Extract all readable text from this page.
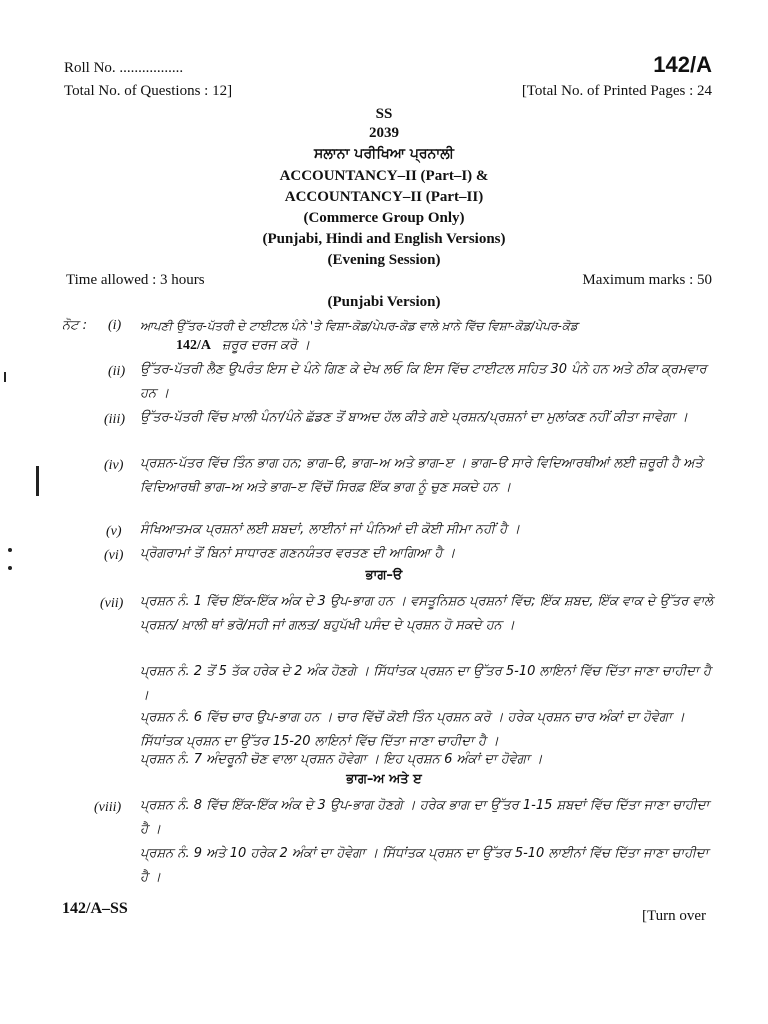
Roll No. .................	142/A
Total No. of Questions : 12]	[Total No. of Printed Pages : 24
SS
2039
ਸਲਾਨਾ ਪਰੀਖਿਆ ਪ੍ਰਨਾਲੀ
ACCOUNTANCY–II (Part–I) &
ACCOUNTANCY–II (Part–II)
(Commerce Group Only)
(Punjabi, Hindi and English Versions)
(Evening Session)
Time allowed : 3 hours	Maximum marks : 50
(Punjabi Version)
ਨੋਟ : (i) ਆਪਣੀ ਉੱਤਰ-ਪੱਤਰੀ ਦੇ ਟਾਈਟਲ ਪੰਨੇ 'ਤੇ ਵਿਸ਼ਾ-ਕੋਡ/ਪੇਪਰ-ਕੋਡ ਵਾਲੇ ਖ਼ਾਨੇ ਵਿੱਚ ਵਿਸ਼ਾ-ਕੋਡ/ਪੇਪਰ-ਕੋਡ
142/A ਜ਼ਰੂਰ ਦਰਜ ਕਰੋ ।
(ii) ਉੱਤਰ-ਪੱਤਰੀ ਲੈਣ ਉਪਰੰਤ ਇਸ ਦੇ ਪੰਨੇ ਗਿਣ ਕੇ ਦੇਖ ਲਓ ਕਿ ਇਸ ਵਿੱਚ ਟਾਈਟਲ ਸਹਿਤ 30 ਪੰਨੇ ਹਨ ਅਤੇ ਠੀਕ ਕ੍ਰਮਵਾਰ ਹਨ ।
(iii) ਉੱਤਰ-ਪੱਤਰੀ ਵਿੱਚ ਖ਼ਾਲੀ ਪੰਨਾ/ਪੰਨੇ ਛੱਡਣ ਤੋਂ ਬਾਅਦ ਹੱਲ ਕੀਤੇ ਗਏ ਪ੍ਰਸ਼ਨ/ਪ੍ਰਸ਼ਨਾਂ ਦਾ ਮੁਲਾਂਕਣ ਨਹੀਂ ਕੀਤਾ ਜਾਵੇਗਾ ।
(iv) ਪ੍ਰਸ਼ਨ-ਪੱਤਰ ਵਿੱਚ ਤਿੰਨ ਭਾਗ ਹਨ; ਭਾਗ–ੳ, ਭਾਗ–ਅ ਅਤੇ ਭਾਗ–ੲ । ਭਾਗ–ੳ ਸਾਰੇ ਵਿਦਿਆਰਥੀਆਂ ਲਈ ਜ਼ਰੂਰੀ ਹੈ ਅਤੇ ਵਿਦਿਆਰਥੀ ਭਾਗ–ਅ ਅਤੇ ਭਾਗ–ੲ ਵਿੱਚੋਂ ਸਿਰਫ਼ ਇੱਕ ਭਾਗ ਨੂੰ ਚੁਣ ਸਕਦੇ ਹਨ ।
(v) ਸੰਖਿਆਤਮਕ ਪ੍ਰਸ਼ਨਾਂ ਲਈ ਸ਼ਬਦਾਂ, ਲਾਈਨਾਂ ਜਾਂ ਪੰਨਿਆਂ ਦੀ ਕੋਈ ਸੀਮਾ ਨਹੀਂ ਹੈ ।
(vi) ਪ੍ਰੋਗਰਾਮਾਂ ਤੋਂ ਬਿਨਾਂ ਸਾਧਾਰਣ ਗਣਨਯੰਤਰ ਵਰਤਣ ਦੀ ਆਗਿਆ ਹੈ ।
ਭਾਗ–ੳ
(vii) ਪ੍ਰਸ਼ਨ ਨੰ. 1 ਵਿੱਚ ਇੱਕ-ਇੱਕ ਅੰਕ ਦੇ 3 ਉਪ-ਭਾਗ ਹਨ । ਵਸਤੂਨਿਸ਼ਠ ਪ੍ਰਸ਼ਨਾਂ ਵਿੱਚ; ਇੱਕ ਸ਼ਬਦ, ਇੱਕ ਵਾਕ ਦੇ ਉੱਤਰ ਵਾਲੇ ਪ੍ਰਸ਼ਨ/ ਖ਼ਾਲੀ ਥਾਂ ਭਰੋ/ਸਹੀ ਜਾਂ ਗਲਤ/ ਬਹੁਪੱਖੀ ਪਸੰਦ ਦੇ ਪ੍ਰਸ਼ਨ ਹੋ ਸਕਦੇ ਹਨ ।
ਪ੍ਰਸ਼ਨ ਨੰ. 2 ਤੋਂ 5 ਤੱਕ ਹਰੇਕ ਦੇ 2 ਅੰਕ ਹੋਣਗੇ । ਸਿੱਧਾਂਤਕ ਪ੍ਰਸ਼ਨ ਦਾ ਉੱਤਰ 5-10 ਲਾਇਨਾਂ ਵਿੱਚ ਦਿੱਤਾ ਜਾਣਾ ਚਾਹੀਦਾ ਹੈ ।
ਪ੍ਰਸ਼ਨ ਨੰ. 6 ਵਿੱਚ ਚਾਰ ਉਪ-ਭਾਗ ਹਨ । ਚਾਰ ਵਿੱਚੋਂ ਕੋਈ ਤਿੰਨ ਪ੍ਰਸ਼ਨ ਕਰੋ । ਹਰੇਕ ਪ੍ਰਸ਼ਨ ਚਾਰ ਅੰਕਾਂ ਦਾ ਹੋਵੇਗਾ । ਸਿੱਧਾਂਤਕ ਪ੍ਰਸ਼ਨ ਦਾ ਉੱਤਰ 15-20 ਲਾਇਨਾਂ ਵਿੱਚ ਦਿੱਤਾ ਜਾਣਾ ਚਾਹੀਦਾ ਹੈ ।
ਪ੍ਰਸ਼ਨ ਨੰ. 7 ਅੰਦਰੂਨੀ ਚੋਣ ਵਾਲਾ ਪ੍ਰਸ਼ਨ ਹੋਵੇਗਾ । ਇਹ ਪ੍ਰਸ਼ਨ 6 ਅੰਕਾਂ ਦਾ ਹੋਵੇਗਾ ।
ਭਾਗ–ਅ ਅਤੇ ੲ
(viii) ਪ੍ਰਸ਼ਨ ਨੰ. 8 ਵਿੱਚ ਇੱਕ-ਇੱਕ ਅੰਕ ਦੇ 3 ਉਪ-ਭਾਗ ਹੋਣਗੇ । ਹਰੇਕ ਭਾਗ ਦਾ ਉੱਤਰ 1-15 ਸ਼ਬਦਾਂ ਵਿੱਚ ਦਿੱਤਾ ਜਾਣਾ ਚਾਹੀਦਾ ਹੈ ।
ਪ੍ਰਸ਼ਨ ਨੰ. 9 ਅਤੇ 10 ਹਰੇਕ 2 ਅੰਕਾਂ ਦਾ ਹੋਵੇਗਾ । ਸਿੱਧਾਂਤਕ ਪ੍ਰਸ਼ਨ ਦਾ ਉੱਤਰ 5-10 ਲਾਈਨਾਂ ਵਿੱਚ ਦਿੱਤਾ ਜਾਣਾ ਚਾਹੀਦਾ ਹੈ ।
142/A–SS	[Turn over
